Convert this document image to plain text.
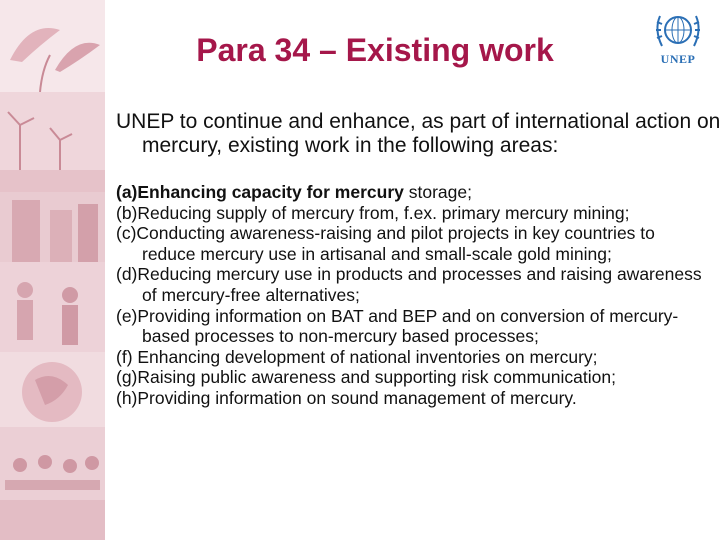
UNEP
Para 34 – Existing work

UNEP to continue and enhance, as part of international action on mercury, existing work in the following areas:

(a)Enhancing capacity for mercury storage;
(b)Reducing supply of mercury from, f.ex. primary mercury mining;
(c)Conducting awareness‑raising and pilot projects in key countries to reduce mercury use in artisanal and small‑scale gold mining;
(d)Reducing mercury use in products and processes and raising awareness of mercury‑free alternatives;
(e)Providing information on BAT and BEP and on conversion of mercury-based processes to non-mercury based processes;
(f) Enhancing development of national inventories on mercury;
(g)Raising public awareness and supporting risk communication;
(h)Providing information on sound management of mercury.
